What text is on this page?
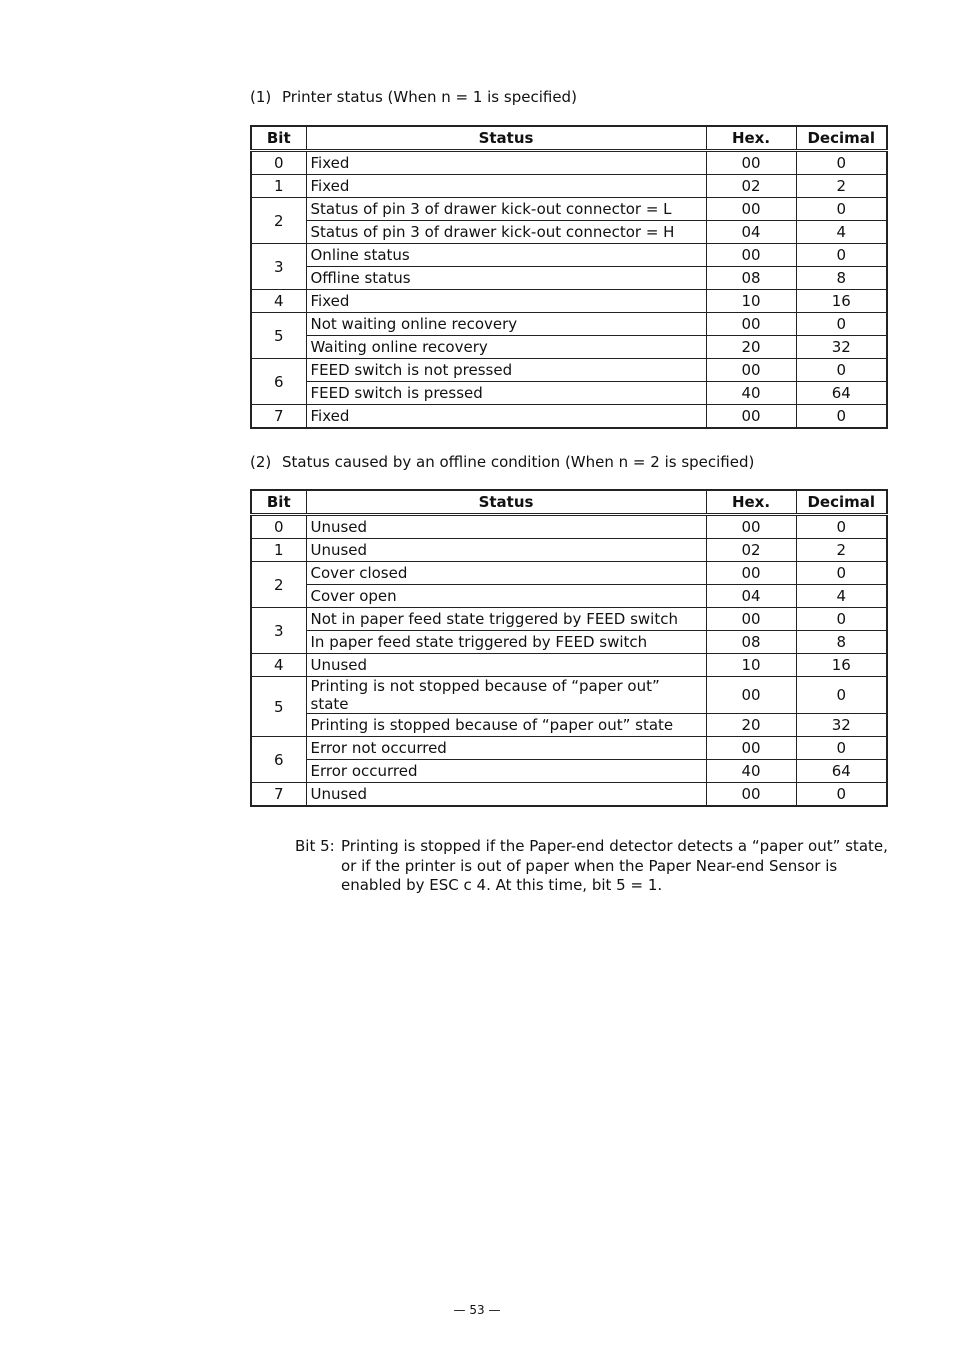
(1) Printer status (When n = 1 is specified)
Bit	Status	Hex.	Decimal
0	Fixed	00	0
1	Fixed	02	2
2	Status of pin 3 of drawer kick-out connector = L	00	0
	Status of pin 3 of drawer kick-out connector = H	04	4
3	Online status	00	0
	Offline status	08	8
4	Fixed	10	16
5	Not waiting online recovery	00	0
	Waiting online recovery	20	32
6	FEED switch is not pressed	00	0
	FEED switch is pressed	40	64
7	Fixed	00	0
(2) Status caused by an offline condition (When n = 2 is specified)
Bit	Status	Hex.	Decimal
0	Unused	00	0
1	Unused	02	2
2	Cover closed	00	0
	Cover open	04	4
3	Not in paper feed state triggered by FEED switch	00	0
	In paper feed state triggered by FEED switch	08	8
4	Unused	10	16
5	Printing is not stopped because of “paper out” state	00	0
	Printing is stopped because of “paper out” state	20	32
6	Error not occurred	00	0
	Error occurred	40	64
7	Unused	00	0
Bit 5: Printing is stopped if the Paper-end detector detects a “paper out” state, or if the printer is out of paper when the Paper Near-end Sensor is enabled by ESC c 4. At this time, bit 5 = 1.
— 53 —
